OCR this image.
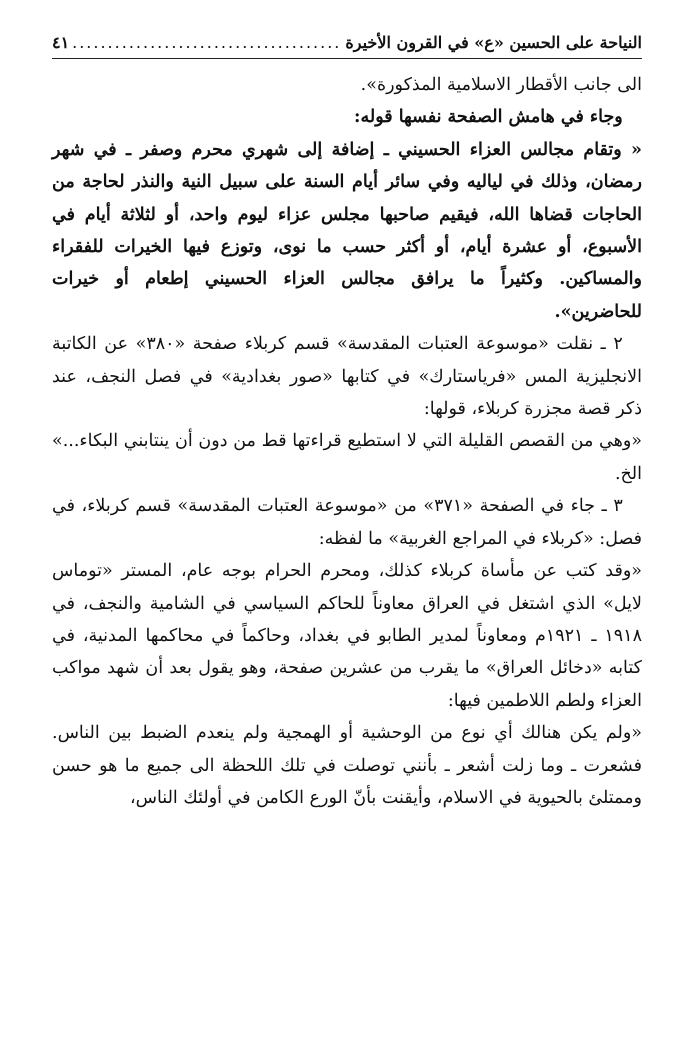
النياحة على الحسين «ع» في القرون الأخيرة
.....
٤١

الى جانب الأقطار الاسلامية المذكورة».

وجاء في هامش الصفحة نفسها قوله:

« وتقام مجالس العزاء الحسيني ـ إضافة إلى شهري محرم وصفر ـ في شهر رمضان، وذلك في لياليه وفي سائر أيام السنة على سبيل النية والنذر لحاجة من الحاجات قضاها الله، فيقيم صاحبها مجلس عزاء ليوم واحد، أو لثلاثة أيام في الأسبوع، أو عشرة أيام، أو أكثر حسب ما نوى، وتوزع فيها الخيرات للفقراء والمساكين. وكثيراً ما يرافق مجالس العزاء الحسيني إطعام أو خيرات للحاضرين».

٢ ـ نقلت «موسوعة العتبات المقدسة» قسم كربلاء صفحة «٣٨٠» عن الكاتبة الانجليزية المس «فرياستارك» في كتابها «صور بغدادية» في فصل النجف، عند ذكر قصة مجزرة كربلاء، قولها:

«وهي من القصص القليلة التي لا استطيع قراءتها قط من دون أن ينتابني البكاء...» الخ.

٣ ـ جاء في الصفحة «٣٧١» من «موسوعة العتبات المقدسة» قسم كربلاء، في فصل: «كربلاء في المراجع الغربية» ما لفظه:

«وقد كتب عن مأساة كربلاء كذلك، ومحرم الحرام بوجه عام، المستر «توماس لايل» الذي اشتغل في العراق معاوناً للحاكم السياسي في الشامية والنجف، في ١٩١٨ ـ ١٩٢١م ومعاوناً لمدير الطابو في بغداد، وحاكماً في محاكمها المدنية، في كتابه «دخائل العراق» ما يقرب من عشرين صفحة، وهو يقول بعد أن شهد مواكب العزاء ولطم اللاطمين فيها:

«ولم يكن هنالك أي نوع من الوحشية أو الهمجية ولم ينعدم الضبط بين الناس. فشعرت ـ وما زلت أشعر ـ بأنني توصلت في تلك اللحظة الى جميع ما هو حسن وممتلئ بالحيوية في الاسلام، وأيقنت بأنّ الورع الكامن في أولئك الناس،
